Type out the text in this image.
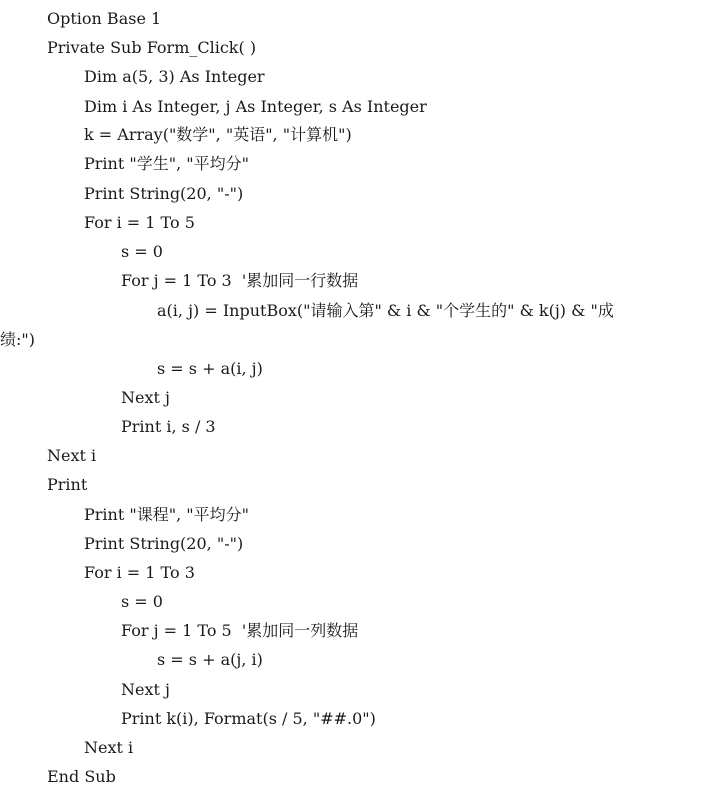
Option Base 1
Private Sub Form_Click( )
Dim a(5, 3) As Integer
Dim i As Integer, j As Integer, s As Integer
k = Array("数学", "英语", "计算机")
Print "学生", "平均分"
Print String(20, "-")
For i = 1 To 5
s = 0
For j = 1 To 3  '累加同一行数据
a(i, j) = InputBox("请输入第" & i & "个学生的" & k(j) & "成
绩:")
s = s + a(i, j)
Next j
Print i, s / 3
Next i
Print
Print "课程", "平均分"
Print String(20, "-")
For i = 1 To 3
s = 0
For j = 1 To 5  '累加同一列数据
s = s + a(j, i)
Next j
Print k(i), Format(s / 5, "##.0")
Next i
End Sub
